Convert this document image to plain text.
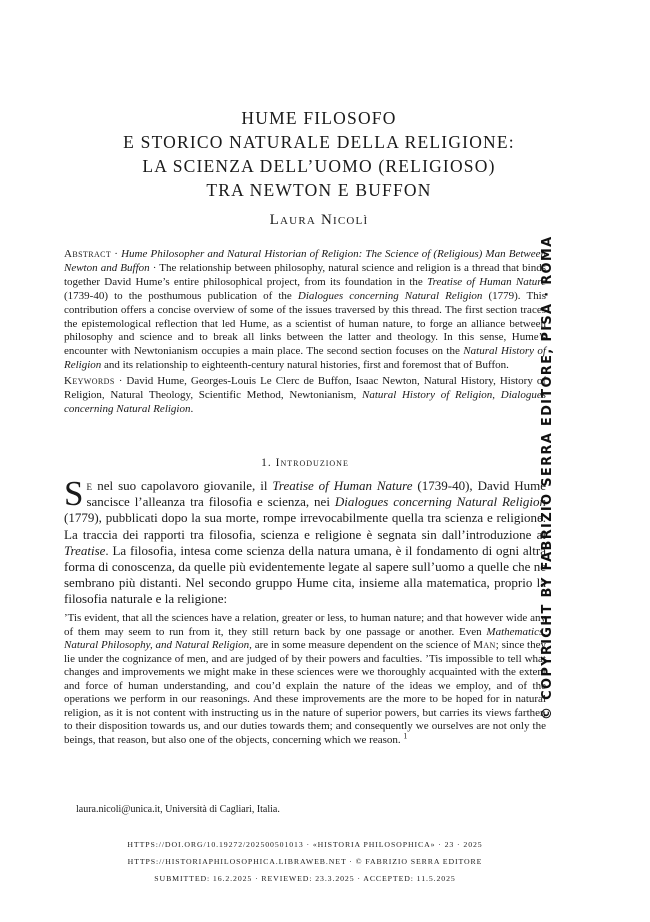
HUME FILOSOFO
E STORICO NATURALE DELLA RELIGIONE:
LA SCIENZA DELL’UOMO (RELIGIOSO)
TRA NEWTON E BUFFON
Laura Nicolì

Abstract · Hume Philosopher and Natural Historian of Religion: The Science of (Religious) Man Between Newton and Buffon · The relationship between philosophy, natural science and religion is a thread that binds together David Hume’s entire philosophical project, from its foundation in the Treatise of Human Nature (1739-40) to the posthumous publication of the Dialogues concerning Natural Religion (1779). This contribution offers a concise overview of some of the issues traversed by this thread. The first section traces the epistemological reflection that led Hume, as a scientist of human nature, to forge an alliance between philosophy and science and to break all links between the latter and theology. In this sense, Hume’s encounter with Newtonianism occupies a main place. The second section focuses on the Natural History of Religion and its relationship to eighteenth-century natural histories, first and foremost that of Buffon.

Keywords · David Hume, Georges-Louis Le Clerc de Buffon, Isaac Newton, Natural History, History of Religion, Natural Theology, Scientific Method, Newtonianism, Natural History of Religion, Dialogues concerning Natural Religion.

1. Introduzione

Se nel suo capolavoro giovanile, il Treatise of Human Nature (1739-40), David Hume sancisce l’alleanza tra filosofia e scienza, nei Dialogues concerning Natural Religion (1779), pubblicati dopo la sua morte, rompe irrevocabilmente quella tra scienza e religione. La traccia dei rapporti tra filosofia, scienza e religione è segnata sin dall’introduzione al Treatise. La filosofia, intesa come scienza della natura umana, è il fondamento di ogni altra forma di conoscenza, da quelle più evidentemente legate al sapere sull’uomo a quelle che ne sembrano più distanti. Nel secondo gruppo Hume cita, insieme alla matematica, proprio la filosofia naturale e la religione:

’Tis evident, that all the sciences have a relation, greater or less, to human nature; and that however wide any of them may seem to run from it, they still return back by one passage or another. Even Mathematics, Natural Philosophy, and Natural Religion, are in some measure dependent on the science of Man; since they lie under the cognizance of men, and are judged of by their powers and faculties. ’Tis impossible to tell what changes and improvements we might make in these sciences were we thoroughly acquainted with the extent and force of human understanding, and cou’d explain the nature of the ideas we employ, and of the operations we perform in our reasonings. And these improvements are the more to be hoped for in natural religion, as it is not content with instructing us in the nature of superior powers, but carries its views farther, to their disposition towards us, and our duties towards them; and consequently we ourselves are not only the beings, that reason, but also one of the objects, concerning which we reason. $^1$

laura.nicoli@unica.it, Università di Cagliari, Italia.
HTTPS://DOI.ORG/10.19272/202500501013 · «HISTORIA PHILOSOPHICA» · 23 · 2025
HTTPS://HISTORIAPHILOSOPHICA.LIBRAWEB.NET · © FABRIZIO SERRA EDITORE
SUBMITTED: 16.2.2025 · REVIEWED: 23.3.2025 · ACCEPTED: 11.5.2025
© COPYRIGHT BY FABRIZIO SERRA EDITORE, PISA · ROMA
